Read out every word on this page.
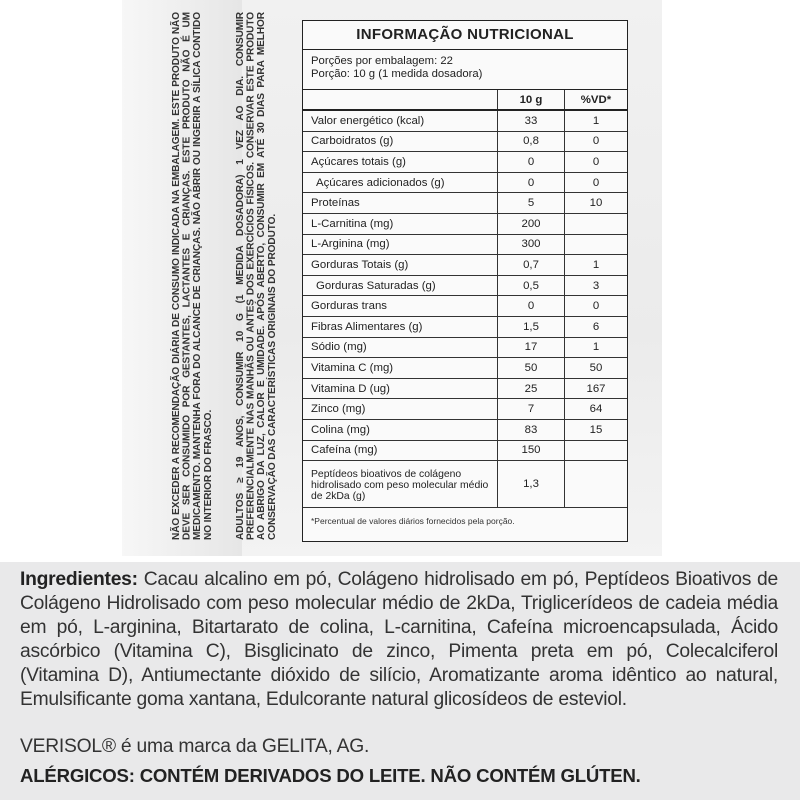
NÃO EXCEDER A RECOMENDAÇÃO DIÁRIA DE CONSUMO INDICADA NA EMBALAGEM. ESTE PRODUTO NÃO DEVE SER CONSUMIDO POR GESTANTES, LACTANTES E CRIANÇAS. ESTE PRODUTO NÃO É UM MEDICAMENTO. MANTENHA FORA DO ALCANCE DE CRIANÇAS. NÃO ABRIR OU INGERIR A SÍLICA CONTIDO NO INTERIOR DO FRASCO.	ADULTOS ≥ 19 ANOS, CONSUMIR 10 G (1 MEDIDA DOSADORA) 1 VEZ AO DIA. CONSUMIR PREFERENCIALMENTE NAS MANHÃS OU ANTES DOS EXERCÍCIOS FÍSICOS. CONSERVAR ESTE PRODUTO AO ABRIGO DA LUZ, CALOR E UMIDADE. APÓS ABERTO, CONSUMIR EM ATÉ 30 DIAS PARA MELHOR CONSERVAÇÃO DAS CARACTERÍSTICAS ORIGINAIS DO PRODUTO.
INFORMAÇÃO NUTRICIONAL
Porções por embalagem: 22
Porção: 10 g (1 medida dosadora)
	10 g	%VD*
Valor energético (kcal)	33	1
Carboidratos (g)	0,8	0
Açúcares totais (g)	0	0
Açúcares adicionados (g)	0	0
Proteínas	5	10
L-Carnitina (mg)	200	
L-Arginina (mg)	300	
Gorduras Totais (g)	0,7	1
Gorduras Saturadas (g)	0,5	3
Gorduras trans	0	0
Fibras Alimentares (g)	1,5	6
Sódio (mg)	17	1
Vitamina C (mg)	50	50
Vitamina D (ug)	25	167
Zinco (mg)	7	64
Colina (mg)	83	15
Cafeína (mg)	150	
Peptídeos bioativos de colágeno hidrolisado com peso molecular médio de 2kDa (g)	1,3	
*Percentual de valores diários fornecidos pela porção.
Ingredientes: Cacau alcalino em pó, Colágeno hidrolisado em pó, Peptídeos Bioativos de Colágeno Hidrolisado com peso molecular médio de 2kDa, Triglicerídeos de cadeia média em pó, L-arginina, Bitartarato de colina, L-carnitina, Cafeína microencapsulada, Ácido ascórbico (Vitamina C), Bisglicinato de zinco, Pimenta preta em pó, Colecalciferol (Vitamina D), Antiumectante dióxido de silício, Aromatizante aroma idêntico ao natural, Emulsificante goma xantana, Edulcorante natural glicosídeos de esteviol.
VERISOL® é uma marca da GELITA, AG.
ALÉRGICOS: CONTÉM DERIVADOS DO LEITE. NÃO CONTÉM GLÚTEN.
